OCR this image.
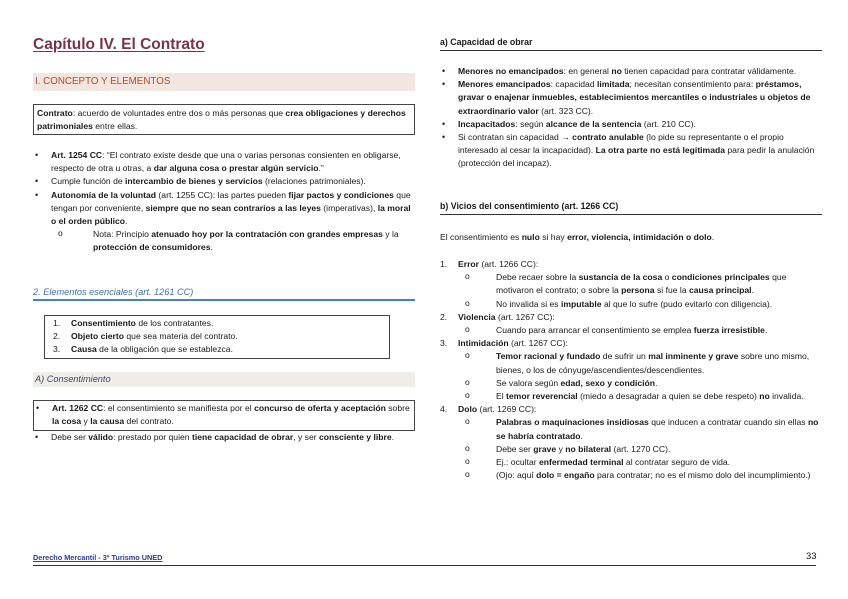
Capítulo IV. El Contrato
I. CONCEPTO Y ELEMENTOS
Contrato: acuerdo de voluntades entre dos o más personas que crea obligaciones y derechos patrimoniales entre ellas.
• Art. 1254 CC: “El contrato existe desde que una o varias personas consienten en obligarse, respecto de otra u otras, a dar alguna cosa o prestar algún servicio.”
• Cumple función de intercambio de bienes y servicios (relaciones patrimoniales).
• Autonomía de la voluntad (art. 1255 CC): las partes pueden fijar pactos y condiciones que tengan por conveniente, siempre que no sean contrarios a las leyes (imperativas), la moral o el orden público.
o Nota: Principio atenuado hoy por la contratación con grandes empresas y la protección de consumidores.
2. Elementos esenciales (art. 1261 CC)
1. Consentimiento de los contratantes.
2. Objeto cierto que sea materia del contrato.
3. Causa de la obligación que se establezca.
A) Consentimiento
• Art. 1262 CC: el consentimiento se manifiesta por el concurso de oferta y aceptación sobre la cosa y la causa del contrato.
• Debe ser válido: prestado por quien tiene capacidad de obrar, y ser consciente y libre.
a) Capacidad de obrar
• Menores no emancipados: en general no tienen capacidad para contratar válidamente.
• Menores emancipados: capacidad limitada; necesitan consentimiento para: préstamos, gravar o enajenar inmuebles, establecimientos mercantiles o industriales u objetos de extraordinario valor (art. 323 CC).
• Incapacitados: según alcance de la sentencia (art. 210 CC).
• Si contratan sin capacidad → contrato anulable (lo pide su representante o el propio interesado al cesar la incapacidad). La otra parte no está legitimada para pedir la anulación (protección del incapaz).
b) Vicios del consentimiento (art. 1266 CC)
El consentimiento es nulo si hay error, violencia, intimidación o dolo.
1. Error (art. 1266 CC):
o Debe recaer sobre la sustancia de la cosa o condiciones principales que motivaron el contrato; o sobre la persona si fue la causa principal.
o No invalida si es imputable al que lo sufre (pudo evitarlo con diligencia).
2. Violencia (art. 1267 CC):
o Cuando para arrancar el consentimiento se emplea fuerza irresistible.
3. Intimidación (art. 1267 CC):
o Temor racional y fundado de sufrir un mal inminente y grave sobre uno mismo, bienes, o los de cónyuge/ascendientes/descendientes.
o Se valora según edad, sexo y condición.
o El temor reverencial (miedo a desagradar a quien se debe respeto) no invalida.
4. Dolo (art. 1269 CC):
o Palabras o maquinaciones insidiosas que inducen a contratar cuando sin ellas no se habría contratado.
o Debe ser grave y no bilateral (art. 1270 CC).
o Ej.: ocultar enfermedad terminal al contratar seguro de vida.
o (Ojo: aquí dolo = engaño para contratar; no es el mismo dolo del incumplimiento.)
Derecho Mercantil - 3º Turismo UNED	33
